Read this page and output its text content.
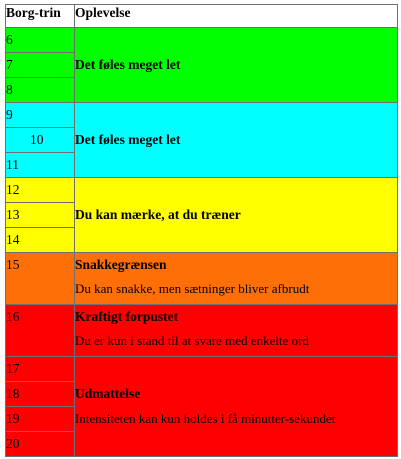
Borg-trin	Oplevelse
6	Det føles meget let

7	
8	
9	Det føles meget let

10	
11	
12	Du kan mærke, at du træner

13	
14	
15	Snakkegrænsen
Du kan snakke, men sætninger bliver afbrudt

16	Kraftigt forpustet
Du er kun i stand til at svare med enkelte ord

17	Udmattelse
Intensiteten kan kun holdes i få minutter-sekunder

18	
19	
20	
